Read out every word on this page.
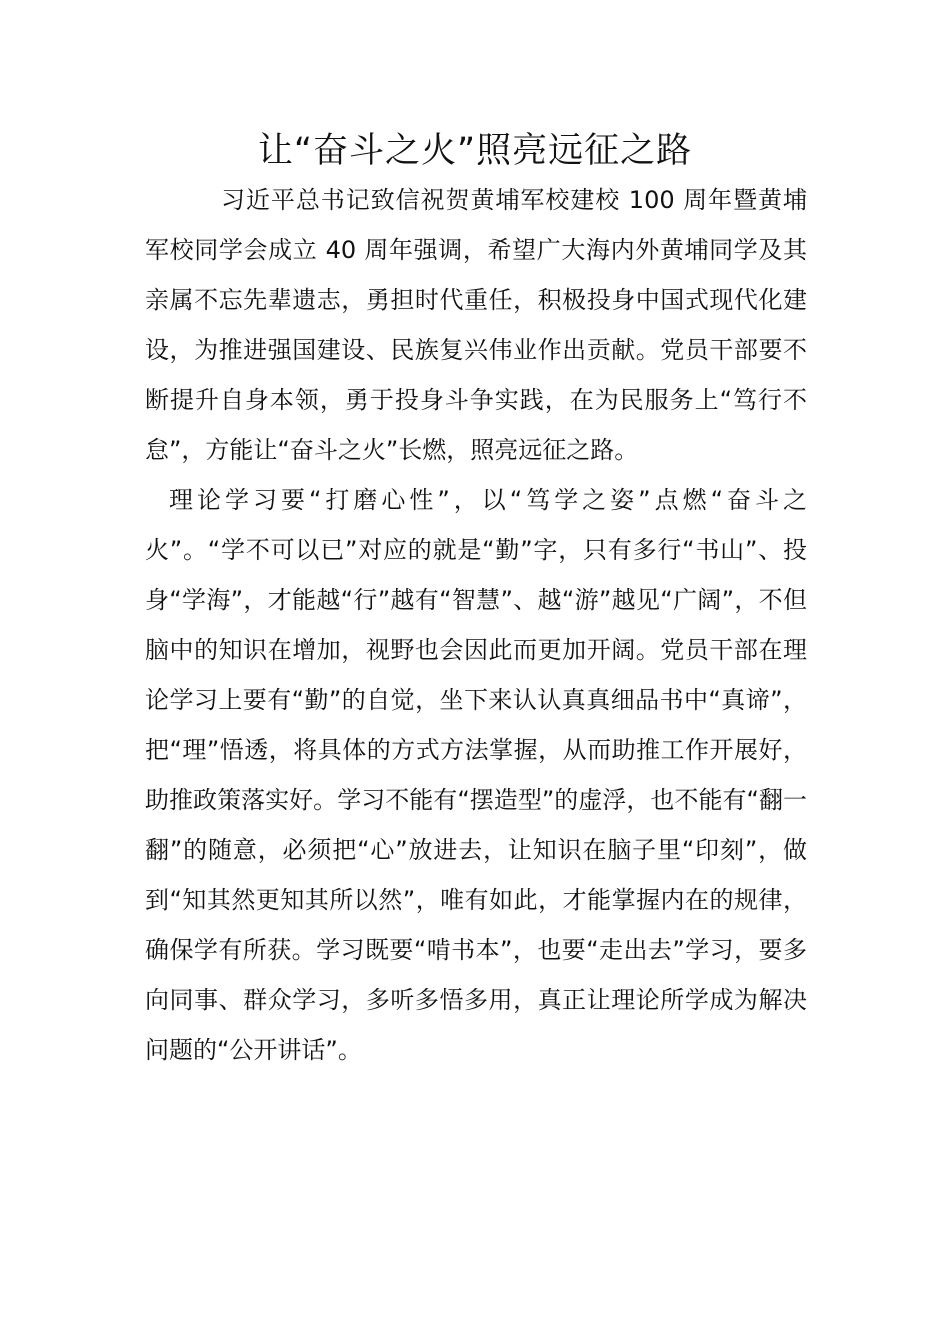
让“奋斗之火”照亮远征之路

习近平总书记致信祝贺黄埔军校建校 100 周年暨黄埔军校同学会成立 40 周年强调，希望广大海内外黄埔同学及其亲属不忘先辈遗志，勇担时代重任，积极投身中国式现代化建设，为推进强国建设、民族复兴伟业作出贡献。党员干部要不断提升自身本领，勇于投身斗争实践，在为民服务上“笃行不怠”，方能让“奋斗之火”长燃，照亮远征之路。

理论学习要“打磨心性”，以“笃学之姿”点燃“奋斗之火”。“学不可以已”对应的就是“勤”字，只有多行“书山”、投身“学海”，才能越“行”越有“智慧”、越“游”越见“广阔”，不但脑中的知识在增加，视野也会因此而更加开阔。党员干部在理论学习上要有“勤”的自觉，坐下来认认真真细品书中“真谛”，把“理”悟透，将具体的方式方法掌握，从而助推工作开展好，助推政策落实好。学习不能有“摆造型”的虚浮，也不能有“翻一翻”的随意，必须把“心”放进去，让知识在脑子里“印刻”，做到“知其然更知其所以然”，唯有如此，才能掌握内在的规律，确保学有所获。学习既要“啃书本”，也要“走出去”学习，要多向同事、群众学习，多听多悟多用，真正让理论所学成为解决问题的“公开讲话”。
